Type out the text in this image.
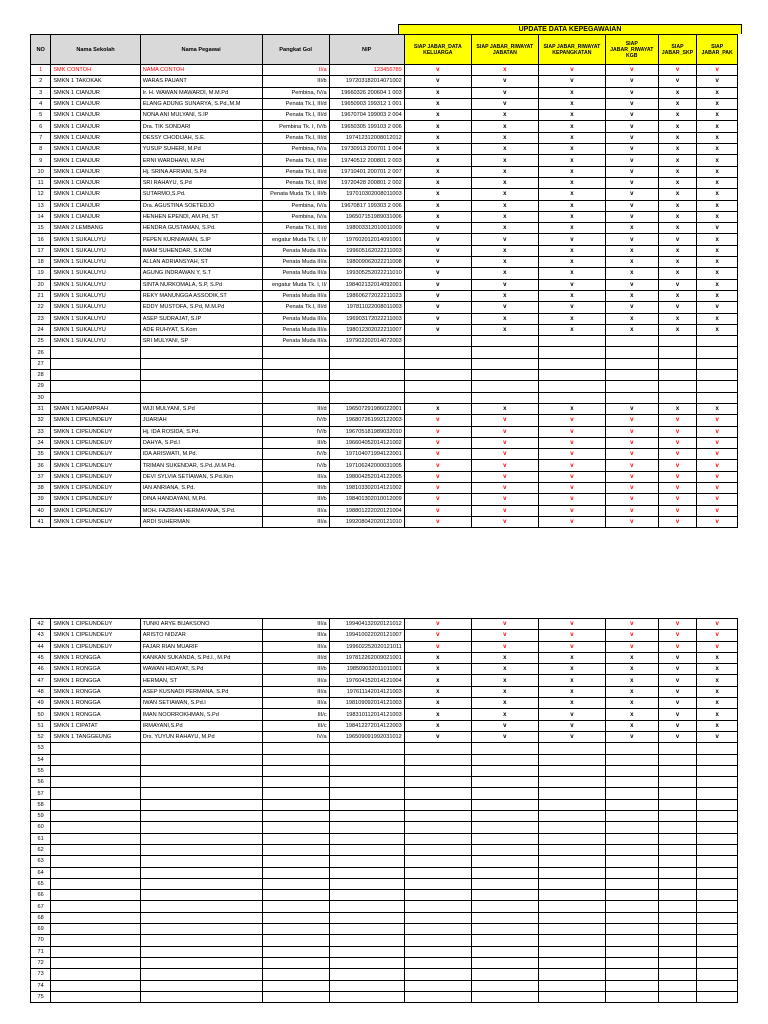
UPDATE DATA KEPEGAWAIAN
NO	Nama Sekolah	Nama Pegawai	Pangkat Gol	NIP	SIAP JABAR_DATA KELUARGA	SIAP JABAR_RIWAYAT JABATAN	SIAP JABAR_RIWAYAT KEPANGKATAN	SIAP JABAR_RIWAYAT KGB	SIAP JABAR_SKP	SIAP JABAR_PAK
1	SMK CONTOH	NAMA CONTOH	II/a	123456789	v	x	v	v	v	v
2	SMKN 1 TAKOKAK	WARAS PAUANT	III/b	197203182014071002	v	v	v	v	v	v
3	SMKN 1 CIANJUR	Ir. H. WAWAN MAWARDI, M.M.Pd	Pembina, IV/a	19660326 200604 1 003	x	v	x	v	x	x
4	SMKN 1 CIANJUR	ELANG ADUNG SUNARYA, S.Pd.,M.M	Penata Tk.I, III/d	19650903 199312 1 001	x	v	x	v	x	x
5	SMKN 1 CIANJUR	NONA ANI MULYANI, S.IP	Penata Tk.I, III/d	19670704 199003 2 004	x	x	x	v	x	x
6	SMKN 1 CIANJUR	Dra. TIK SONDARI	Pembina Tk. I, IV/b	19650305 199103 2 006	x	x	x	v	x	x
7	SMKN 1 CIANJUR	DESSY CHODIJAH, S.E.	Penata Tk.I, III/d	197412312008012012	x	x	x	v	x	x
8	SMKN 1 CIANJUR	YUSUP SUHERI, M.Pd	Pembina, IV/a	19730913 200701 1 004	x	x	x	v	x	x
9	SMKN 1 CIANJUR	ERNI WARDHANI, M.Pd	Penata Tk.I, III/d	19740512 200801 2 003	x	x	x	v	x	x
10	SMKN 1 CIANJUR	Hj. SRINA AFRIANI, S.Pd	Penata Tk.I, III/d	19710401 200701 2 007	x	x	x	v	x	x
11	SMKN 1 CIANJUR	SRI RAHAYU, S.Pd	Penata Tk.I, III/d	19720428 200801 2 002	x	x	x	v	x	x
12	SMKN 1 CIANJUR	SUTARMO,S.Pd.	Penata Muda Tk I, III/b	197010302008011003	x	x	x	v	x	x
13	SMKN 1 CIANJUR	Dra. AGUSTINA SOETEDJO	Pembina, IV/a	19670817 199303 2 006	x	x	x	v	x	x
14	SMKN 1 CIANJUR	HENHEN EPENDI, AM.Pd, ST	Pembina, IV/a	196507151989031006	x	x	x	v	x	x
15	SMAN 2 LEMBANG	HENDRA GUSTAMAN, S.Pd.	Penata Tk.I, III/d	198003312010011009	v	x	x	x	x	v
16	SMKN 1 SUKALUYU	PEPEN KURNIAWAN, S.IP	engatur Muda Tk. I, II/	197602012014091001	v	v	v	v	v	x
17	SMKN 1 SUKALUYU	IMAM SUHENDAR, S.KOM	Penata Muda III/a	199605162022211003	v	x	x	x	x	x
18	SMKN 1 SUKALUYU	ALLAN ADRIANSYAH, ST	Penata Muda III/a	198009062022211008	v	x	x	x	x	x
19	SMKN 1 SUKALUYU	AGUNG INDRAWAN Y, S.T	Penata Muda III/a	199305252022211010	v	x	x	x	x	x
20	SMKN 1 SUKALUYU	SINTA NURKOMALA, S.P, S.Pd	engatur Muda Tk. I, II/	198402132014092001	v	v	v	v	v	x
21	SMKN 1 SUKALUYU	REKY MANUNGGA ASSODIK,ST	Penata Muda III/a	198606272022211023	v	x	x	x	x	x
22	SMKN 1 SUKALUYU	EDDY MUSTOFA, S.Pd, M.M.Pd	Penata Tk.I, III/d	197811022008011003	v	v	v	v	v	v
23	SMKN 1 SUKALUYU	ASEP SUDRAJAT, S.IP	Penata Muda III/a	196903172022211003	v	x	x	x	x	x
24	SMKN 1 SUKALUYU	ADE RUHYAT, S.Kom	Penata Muda III/a	198012302022211007	v	x	x	x	x	x
25	SMKN 1 SUKALUYU	SRI MULYANI, SP	Penata Muda III/a	197902202014072003						
26										
27										
28										
29										
30										
31	SMAN 1 NGAMPRAH	WIJI MULYANI, S.Pd	III/d	196507291986022001	x	x	x	v	x	x
32	SMKN 1 CIPEUNDEUY	JUARIAH	IV/b	196807261992122003	v	v	v	v	v	v
33	SMKN 1 CIPEUNDEUY	Hj. IDA ROSIDA, S.Pd.	IV/b	196705181989032010	v	v	v	v	v	v
34	SMKN 1 CIPEUNDEUY	DAHYA, S.Pd.I	III/b	196604052014121002	v	v	v	v	v	v
35	SMKN 1 CIPEUNDEUY	IDA ARISWATI, M.Pd.	IV/b	197104071994122001	v	v	v	v	v	v
36	SMKN 1 CIPEUNDEUY	TRIMAN SUKENDAR, S.Pd.,M.M.Pd.	IV/b	197106242000031005	v	v	v	v	v	v
37	SMKN 1 CIPEUNDEUY	DEVI SYLVIA SETIAWAN, S.Pd.Kim	III/a	198004252014122005	v	v	v	v	v	v
38	SMKN 1 CIPEUNDEUY	IAN ANRIANA, S.Pd.	III/b	198103302014121002	v	v	v	v	v	v
39	SMKN 1 CIPEUNDEUY	DINA HANDAYANI, M.Pd.	III/b	198401302010012009	v	v	v	v	v	v
40	SMKN 1 CIPEUNDEUY	MOH. FAZRIAN HERMAYANA, S.Pd.	III/a	198801222020121004	v	v	v	v	v	v
41	SMKN 1 CIPEUNDEUY	ARDI SUHERMAN	III/a	199208042020121010	v	v	v	v	v	v
42	SMKN 1 CIPEUNDEUY	TUNKI ARYE BIJAKSONO	III/a	199404132020121012	v	v	v	v	v	v
43	SMKN 1 CIPEUNDEUY	ARISTO NIDZAR	III/a	199410022020121007	v	v	v	v	v	v
44	SMKN 1 CIPEUNDEUY	FAJAR RIAN MUARIF	III/a	199602252020121011	v	v	v	v	v	v
45	SMKN 1 RONGGA	KANKAN SUKANDA, S.Pd.I., M.Pd	III/d	197812262009021001	x	x	x	x	v	x
46	SMKN 1 RONGGA	WAWAN HIDAYAT, S.Pd	III/b	198509032011011001	x	x	x	x	v	x
47	SMKN 1 RONGGA	HERMAN, ST	III/a	197604152014121004	x	x	x	x	v	x
48	SMKN 1 RONGGA	ASEP KUSNADI PERMANA, S.Pd	III/a	197611142014121003	x	x	x	x	v	x
49	SMKN 1 RONGGA	IWAN SETIAWAN, S.Pd.I	III/a	198109092014121003	x	x	x	x	v	x
50	SMKN 1 RONGGA	IMAN NOORROKHMAN, S.Pd	III/c	198310112014121003	x	x	v	x	v	x
51	SMKN 1 CIPATAT	IRMAYANI,S.Pd	III/c	198412272014122003	x	v	v	x	v	x
52	SMKN 1 TANGGEUNG	Drs. YUYUN RAHAYU, M.Pd	IV/a	196509091992031012	v	v	v	v	v	v
53										
54										
55										
56										
57										
58										
59										
60										
61										
62										
63										
64										
65										
66										
67										
68										
69										
70										
71										
72										
73										
74										
75										
